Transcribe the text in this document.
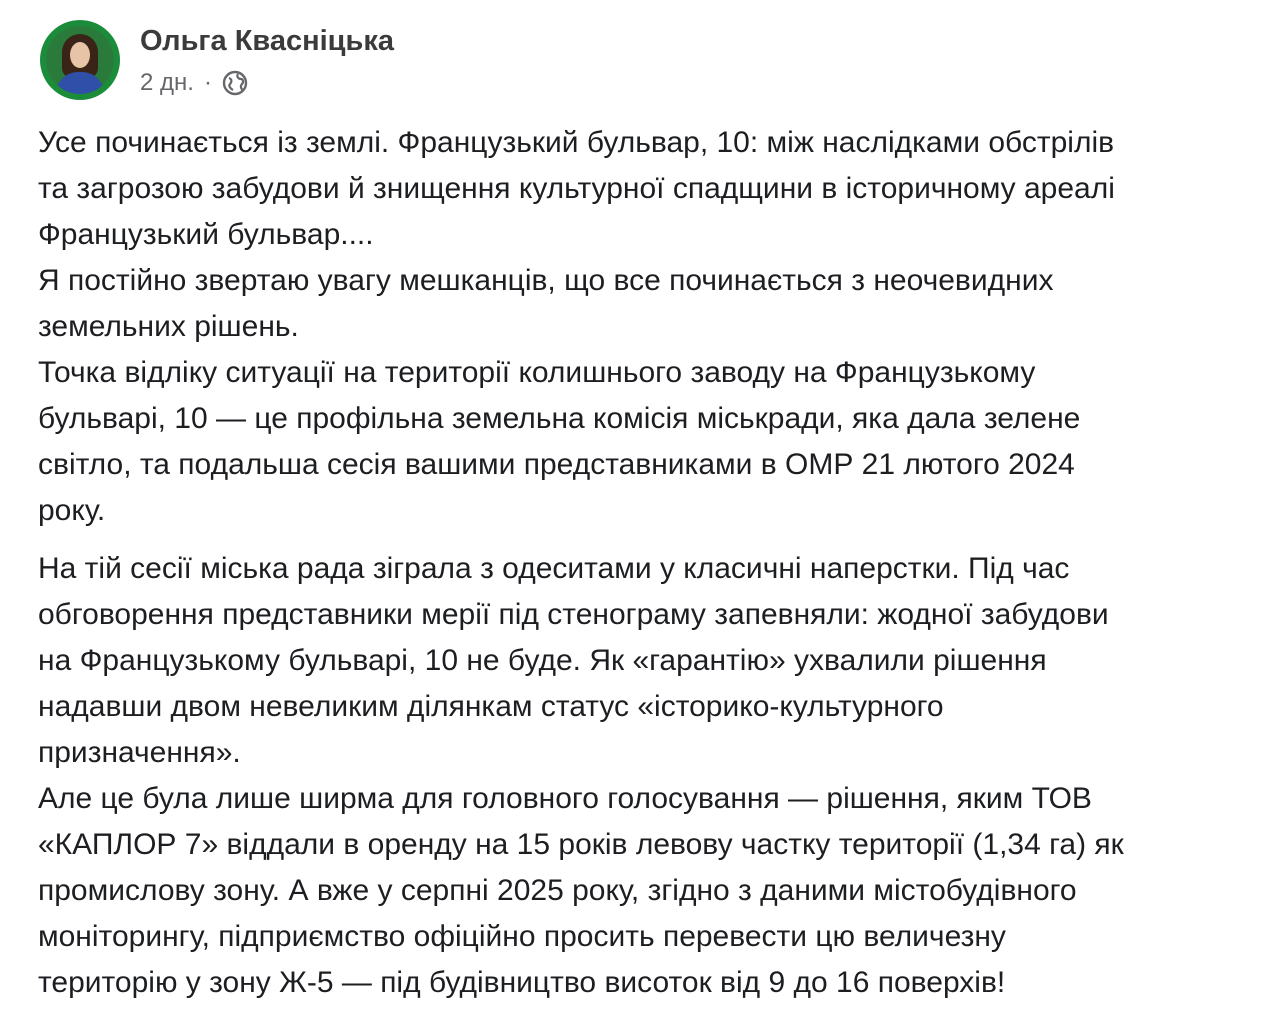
Ольга Квасніцька
2 дн. ·

Усе починається із землі. Французький бульвар, 10: між наслідками обстрілів

та загрозою забудови й знищення культурної спадщини в історичному ареалі

Французький бульвар....

Я постійно звертаю увагу мешканців, що все починається з неочевидних

земельних рішень.

Точка відліку ситуації на території колишнього заводу на Французькому

бульварі, 10 — це профільна земельна комісія міськради, яка дала зелене

світло, та подальша сесія вашими представниками в ОМР 21 лютого 2024

року.

На тій сесії міська рада зіграла з одеситами у класичні наперстки. Під час

обговорення представники мерії під стенограму запевняли: жодної забудови

на Французькому бульварі, 10 не буде. Як «гарантію» ухвалили рішення

надавши двом невеликим ділянкам статус «історико-культурного

призначення».

Але це була лише ширма для головного голосування — рішення, яким ТОВ

«КАПЛОР 7» віддали в оренду на 15 років левову частку території (1,34 га) як

промислову зону. А вже у серпні 2025 року, згідно з даними містобудівного

моніторингу, підприємство офіційно просить перевести цю величезну

територію у зону Ж-5 — під будівництво висоток від 9 до 16 поверхів!
